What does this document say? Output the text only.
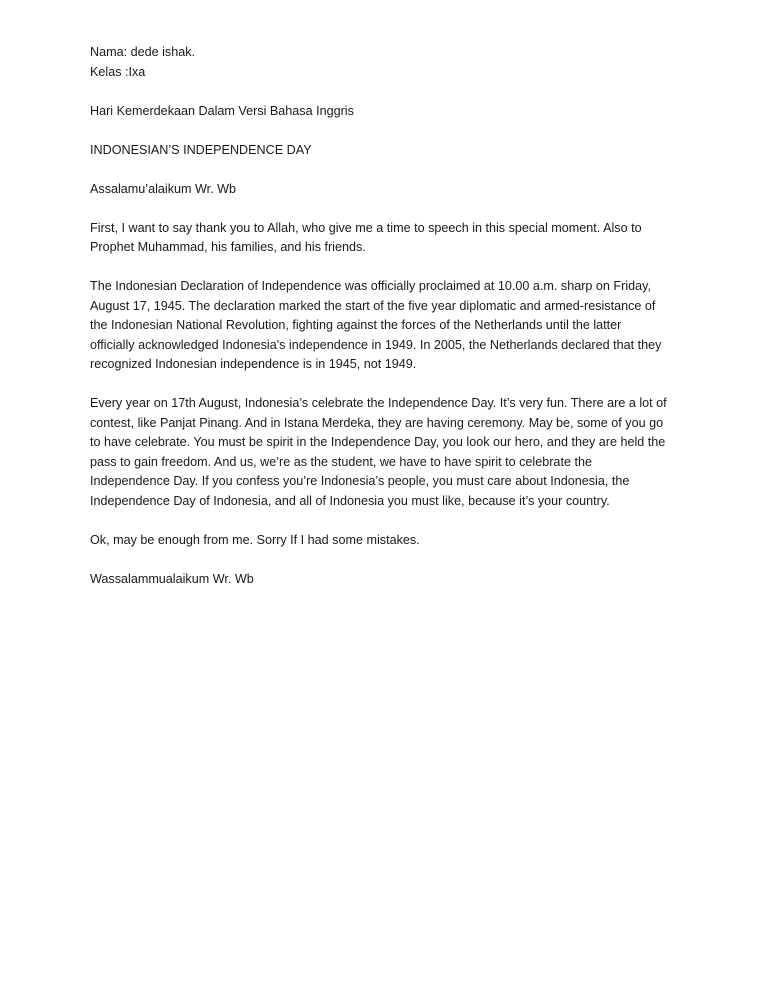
Nama: dede ishak.
Kelas :Ixa
Hari Kemerdekaan Dalam Versi Bahasa Inggris
INDONESIAN’S INDEPENDENCE DAY
Assalamu’alaikum Wr. Wb
First, I want to say thank you to Allah, who give me a time to speech in this special moment. Also to
Prophet Muhammad, his families, and his friends.
The Indonesian Declaration of Independence was officially proclaimed at 10.00 a.m. sharp on Friday,
August 17, 1945. The declaration marked the start of the five year diplomatic and armed-resistance of
the Indonesian National Revolution, fighting against the forces of the Netherlands until the latter
officially acknowledged Indonesia's independence in 1949. In 2005, the Netherlands declared that they
recognized Indonesian independence is in 1945, not 1949.
Every year on 17th August, Indonesia’s celebrate the Independence Day. It’s very fun. There are a lot of
contest, like Panjat Pinang. And in Istana Merdeka, they are having ceremony. May be, some of you go
to have celebrate. You must be spirit in the Independence Day, you look our hero, and they are held the
pass to gain freedom. And us, we’re as the student, we have to have spirit to celebrate the
Independence Day. If you confess you’re Indonesia’s people, you must care about Indonesia, the
Independence Day of Indonesia, and all of Indonesia you must like, because it’s your country.
Ok, may be enough from me. Sorry If I had some mistakes.
Wassalammualaikum Wr. Wb
